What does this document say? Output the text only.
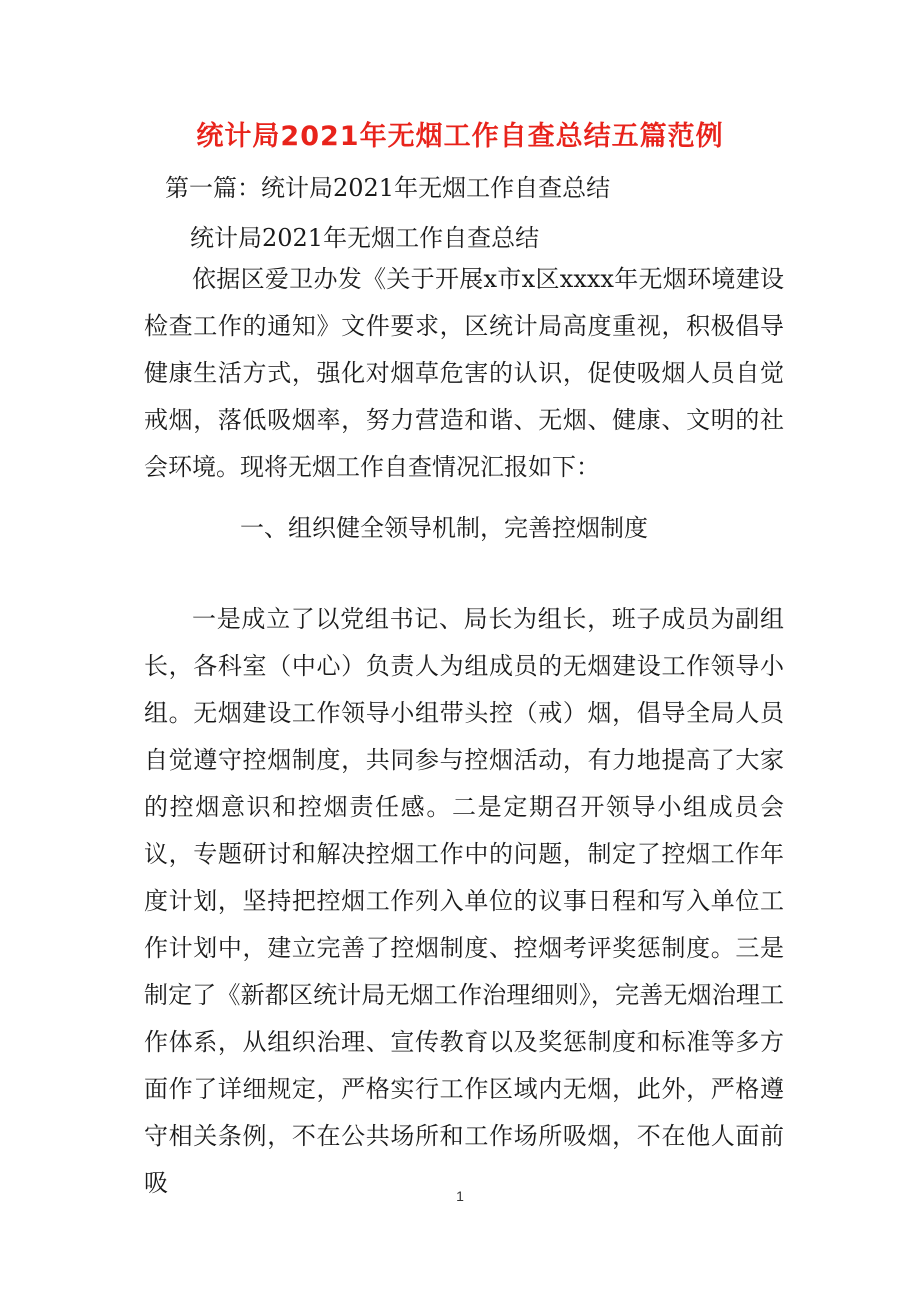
统计局2021年无烟工作自查总结五篇范例
第一篇：统计局2021年无烟工作自查总结
统计局2021年无烟工作自查总结

依据区爱卫办发《关于开展x市x区xxxx年无烟环境建设检查工作的通知》文件要求，区统计局高度重视，积极倡导健康生活方式，强化对烟草危害的认识，促使吸烟人员自觉戒烟，落低吸烟率，努力营造和谐、无烟、健康、文明的社会环境。现将无烟工作自查情况汇报如下：

一、组织健全领导机制，完善控烟制度

一是成立了以党组书记、局长为组长，班子成员为副组长，各科室（中心）负责人为组成员的无烟建设工作领导小组。无烟建设工作领导小组带头控（戒）烟，倡导全局人员自觉遵守控烟制度，共同参与控烟活动，有力地提高了大家的控烟意识和控烟责任感。二是定期召开领导小组成员会议，专题研讨和解决控烟工作中的问题，制定了控烟工作年度计划，坚持把控烟工作列入单位的议事日程和写入单位工作计划中，建立完善了控烟制度、控烟考评奖惩制度。三是制定了《新都区统计局无烟工作治理细则》，完善无烟治理工作体系，从组织治理、宣传教育以及奖惩制度和标准等多方面作了详细规定，严格实行工作区域内无烟，此外，严格遵守相关条例，不在公共场所和工作场所吸烟，不在他人面前吸	1
